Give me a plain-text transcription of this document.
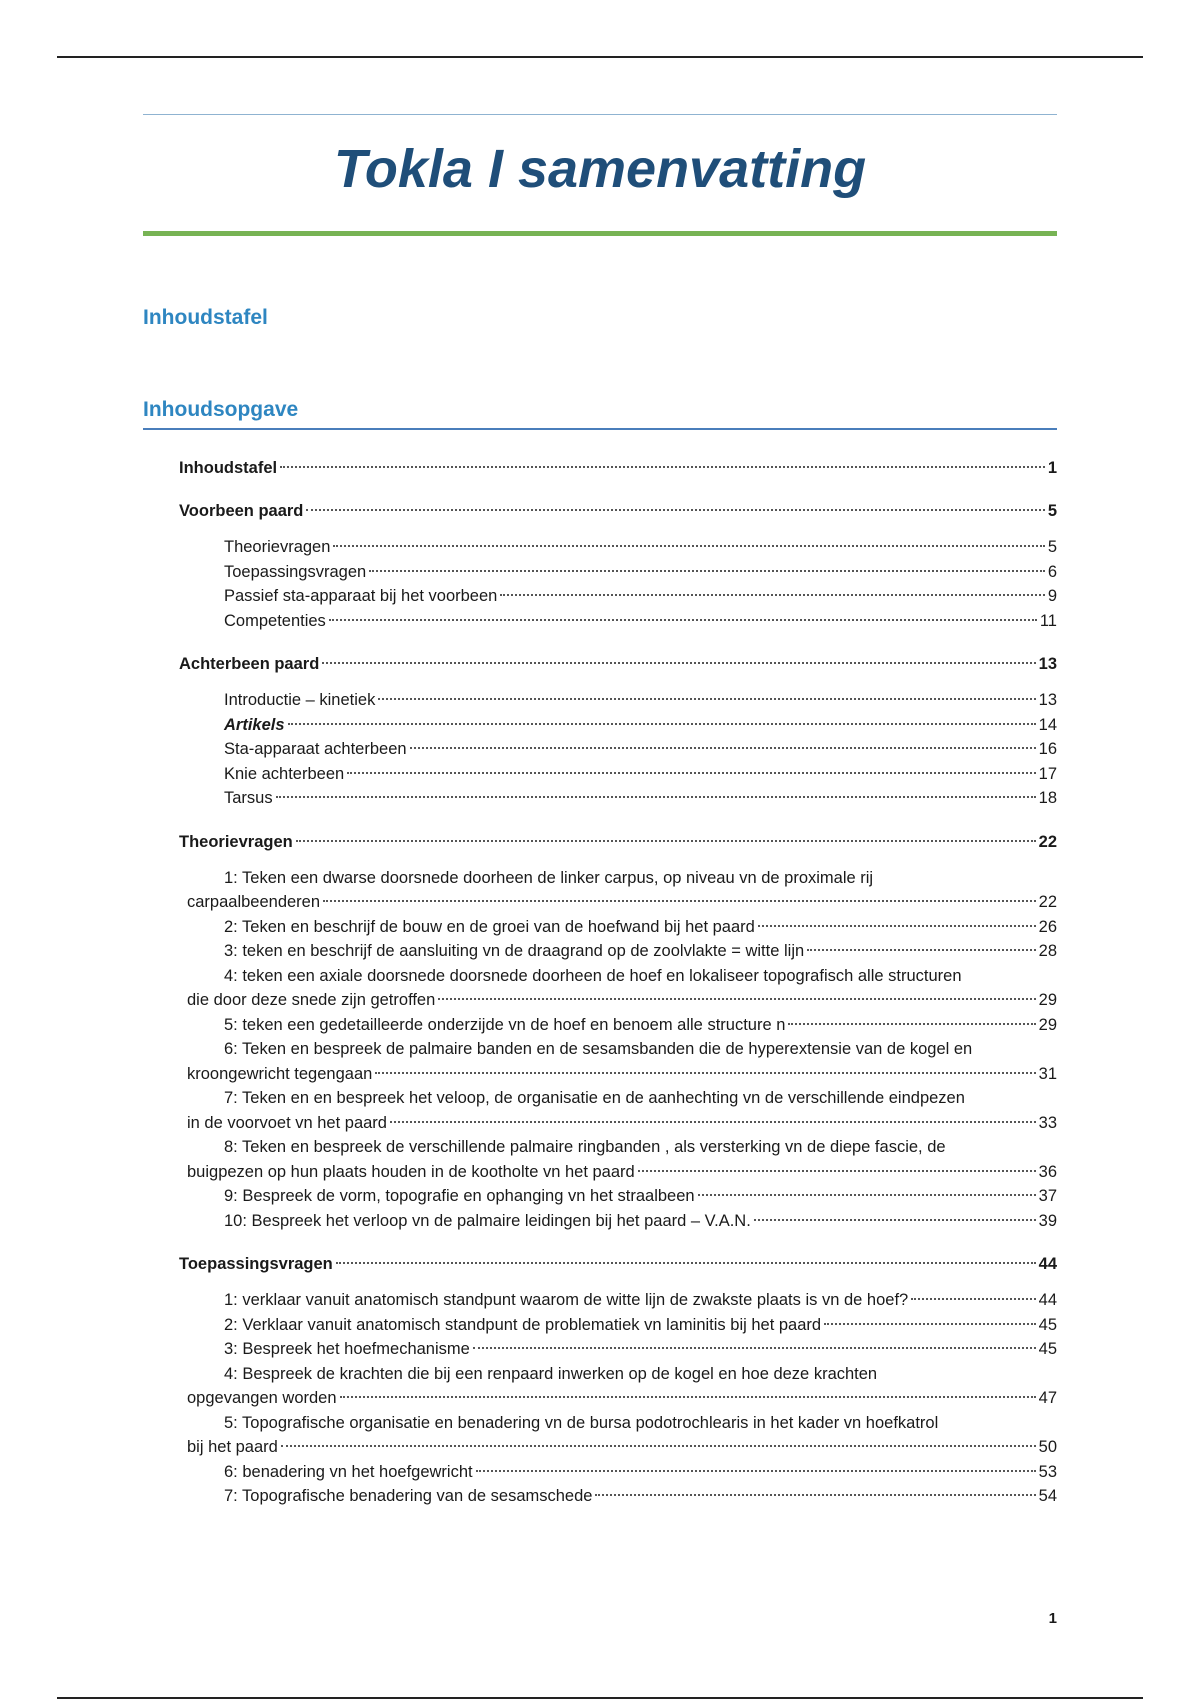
Tokla I samenvatting
Inhoudstafel
Inhoudsopgave
Inhoudstafel	1
Voorbeen paard	5
Theorievragen	5
Toepassingsvragen	6
Passief sta-apparaat bij het voorbeen	9
Competenties	11
Achterbeen paard	13
Introductie – kinetiek	13
Artikels	14
Sta-apparaat achterbeen	16
Knie achterbeen	17
Tarsus	18
Theorievragen	22
1: Teken een dwarse doorsnede doorheen de linker carpus, op niveau vn de proximale rij
carpaalbeenderen	22
2: Teken en beschrijf de bouw en de groei van de hoefwand bij het paard	26
3: teken en beschrijf de aansluiting vn de draagrand op de zoolvlakte = witte lijn	28
4: teken een axiale doorsnede doorsnede doorheen de hoef en lokaliseer topografisch alle structuren
die door deze snede zijn getroffen	29
5: teken een gedetailleerde onderzijde vn de hoef en benoem alle structure n	29
6: Teken en bespreek de palmaire banden en de sesamsbanden die de hyperextensie van de kogel en
kroongewricht tegengaan	31
7: Teken en en bespreek het veloop, de organisatie en de aanhechting vn de verschillende eindpezen
in de voorvoet vn het paard	33
8: Teken en bespreek de verschillende palmaire ringbanden , als versterking vn de diepe fascie, de
buigpezen op hun plaats houden in de kootholte vn het paard	36
9: Bespreek de vorm, topografie en ophanging vn het straalbeen	37
10: Bespreek het verloop vn de palmaire leidingen bij het paard – V.A.N.	39
Toepassingsvragen	44
1: verklaar vanuit anatomisch standpunt waarom de witte lijn de zwakste plaats is vn de hoef?	44
2: Verklaar vanuit anatomisch standpunt de problematiek vn laminitis bij het paard	45
3: Bespreek het hoefmechanisme	45
4: Bespreek de krachten die bij een renpaard inwerken op de kogel en hoe deze krachten
opgevangen worden	47
5: Topografische organisatie en benadering vn de bursa podotrochlearis in het kader vn hoefkatrol
bij het paard	50
6: benadering vn het hoefgewricht	53
7: Topografische benadering van de sesamschede	54
1
